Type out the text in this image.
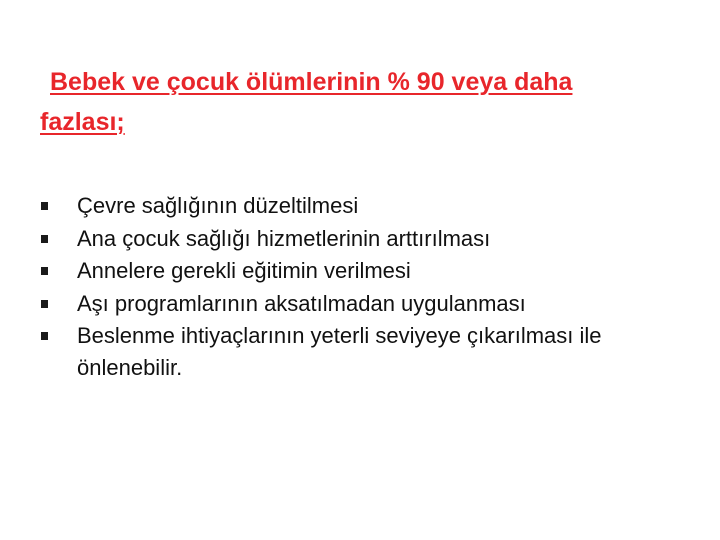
Bebek ve çocuk ölümlerinin % 90 veya daha fazlası;
Çevre sağlığının düzeltilmesi
Ana çocuk sağlığı hizmetlerinin arttırılması
Annelere gerekli eğitimin verilmesi
Aşı programlarının aksatılmadan uygulanması
Beslenme ihtiyaçlarının yeterli seviyeye çıkarılması ile önlenebilir.
